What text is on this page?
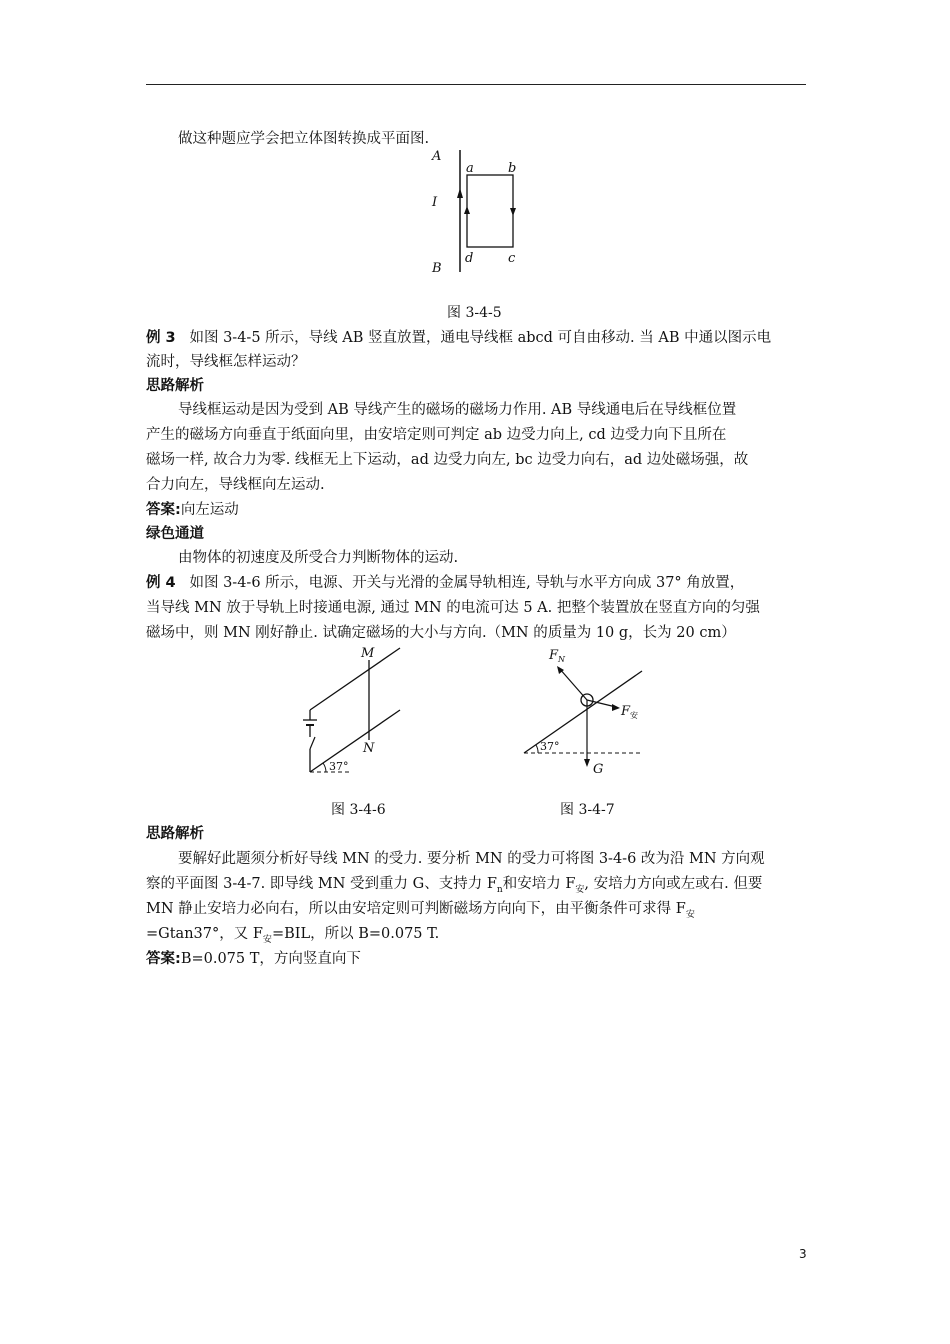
做这种题应学会把立体图转换成平面图.
A
I
B
a	b
d	c
图 3-4-5
例 3 如图 3-4-5 所示，导线 AB 竖直放置，通电导线框 abcd 可自由移动. 当 AB 中通以图示电
流时，导线框怎样运动？
思路解析
导线框运动是因为受到 AB 导线产生的磁场的磁场力作用. AB 导线通电后在导线框位置
产生的磁场方向垂直于纸面向里，由安培定则可判定 ab 边受力向上, cd 边受力向下且所在
磁场一样, 故合力为零. 线框无上下运动，ad 边受力向左, bc 边受力向右，ad 边处磁场强，故
合力向左，导线框向左运动.
答案:向左运动
绿色通道
由物体的初速度及所受合力判断物体的运动.
例 4 如图 3-4-6 所示，电源、开关与光滑的金属导轨相连, 导轨与水平方向成 37° 角放置，
当导线 MN 放于导轨上时接通电源, 通过 MN 的电流可达 5 A. 把整个装置放在竖直方向的匀强
磁场中，则 MN 刚好静止. 试确定磁场的大小与方向.（MN 的质量为 10 g，长为 20 cm）
M
N
37°
图 3-4-6
$F_N$
$F_安$
G
37°
图 3-4-7
思路解析
要解好此题须分析好导线 MN 的受力. 要分析 MN 的受力可将图 3-4-6 改为沿 MN 方向观
察的平面图 3-4-7. 即导线 MN 受到重力 G、支持力 $F_n$和安培力 $F_安$, 安培力方向或左或右. 但要
MN 静止安培力必向右，所以由安培定则可判断磁场方向向下，由平衡条件可求得 $F_安$
=Gtan37°，又 $F_安=BIL$，所以 B=0.075 T.
答案:B=0.075 T，方向竖直向下
3
